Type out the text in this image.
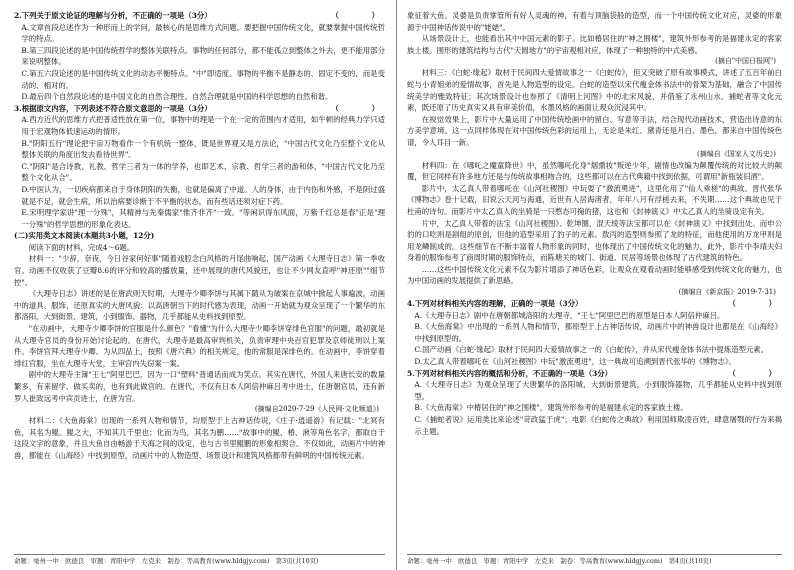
（　　）
2.下列关于原文论证的理解与分析，不正确的一项是（3分）
A.文章首段总述作为一种形而上的学问，最核心的是思维方式问题。要把握中国传统文化，就要掌握中国传统哲学的特点。
B.第三四段论述的是中国传统哲学的整体关联特点。事物的任何部分，都不能孤立到整体之外去，更不能用部分来说明整体。
C.第五六段论述的是中国传统文化的动态平衡特点。"中"即适度。事物的平衡不是静态的、固定不变的，而是变动的、相对的。
D.最后四个自然段论述的是中国文化的自然合理性。自然合理就是中国的科学思想的自然和谐。
（　　）
3.根据原文内容，下列表述不符合原文意思的一项是（3分）
A.西方近代的思维方式把普适性放在第一位，事物中的理是一个在一定的范围内才适用，如牛顿的经典力学只适用于宏观物体低速运动的情形。
B."阴阳五行"理论把宇宙万物看作一个有机统一整体，既是世界观又是方法论，"中国古代文化乃至整个文化从整体关联的角度出发去看待世界"。
C."阴阳"是合诗教、礼教、哲学三者为一体的学养，也即艺术、宗教、哲学三者的游和体，"中国古代文化乃至整个文化从合"。
D.中医认为，一切疾病都来自于身体阴阳的失衡，也就是偏离了中道。人的身体，由于内伤和外感，不是阴过盛就是不足，就会生病，所以治病要诊断于不平衡的状态，而有些话还须对症下药。
E.宋明理学家讲"理一分殊"，其精神与先秦儒家"惟齐非齐"一致。"等闲识得东风面，万紫千红总是春"正是"理一分殊"的哲学思想的形象化表达。
(二)实用类文本阅读(本题共3小题，12分)
阅读下面的材料，完成4～6题。
材料一："少辞，奈夜，今日谷家何好事"随着戏腔念白风格的月尾曲响起，国产动画《大理寺日志》第一季收官。动画不仅收获了豆瓣8.6的评分和较高的播放量，还中展现的唐代风貌还，也让不少网友直呼"神还原""细节控"。
《大理寺日志》讲述的是在唐武则天时期，大理寺少卿李饼与其属下随从为破案在京城中掀起人事遍波，动画中的道具、服饰，还原真实的大唐风貌：以高唐朝当下的时代感为表现，动画一开始就为观众呈现了一个繁华的东都洛阳。大到街景、建筑，小到服饰、器物，几乎都能从史料找到原型。
"在动画中，大理寺少卿李饼的官服是什么颜色？"看懂"为什么大理寺少卿李饼穿绯色官服"的问题，最初就是从大理寺官员的身份开始讨论起的。在唐代，大理寺是最高审判机关，负责审理中央百官犯罪及京师徒刑以上案件。李饼官拜大理寺少卿、为从四品上，按照《唐六典》的相关规定，他的常服是深绯色的。在动画中，李饼穿着绯红官服，坐在大理寺大堂，主审宫内失窃案一案。
剧中的大理寺主簿"王七"阿里巴巴，因为一口"塑料"普通话而成为笑点。其实在唐代，外国人来唐长安的数量繁多，有来留学、做买卖的，也有到此做官的。在唐代，不仅有日本人阿倍仲麻吕考中进士，任唐朝官员，还有新罗人崔致远考中宾贡进士，在唐为官。
(摘编自2020-7-29《人民网·文化频道》)
材料二：《大鱼海棠》出现的一系列人物和情节，均原型于上古神话传说，《庄子·逍遥游》有记载："北冥有鱼，其名为鲲。鲲之大，不知其几千里也；化而为鸟，其名为鹏……"故事中的鲲、椿、湫等角色名字，都取自于这段文字的意象，并且大鱼自由畅游于天海之间的设定，也与古书里鲲鹏的形象相契合。不仅如此，动画片中的神兽，都能在《山海经》中找到原型，动画片中的人物造型、场景设计和建筑风格都带有鲜明的中国传统元素。
命题：亳州一中　欧德良　审题：青阳中学　左克来　制卷：等高教育(www.hldgjy.com)　第3页(共10页)
象征着大鱼。灵婆是负责掌管所有好人灵魂的神，有着与顶脑袋般的造型，而一个中国传统文化对应，灵婆的形象源于中国神话传说中的"姥姥"。
从场景设计上，也能看出其中中国元素的影子。比如椿居住的"神之围楼"，建筑外形参考的是福建永定的客家族土楼。围形的建筑结构与古代"天圆地方"的宇宙观相对应，体现了一种独特的中式美感。
(摘自"中国日报网")
材料三：《白蛇·缘起》取材于民间四大爱情故事之一《白蛇传》，但又突破了原有故事模式，讲述了五百年前白蛇与小青姐弟的爱情故事，首先是人物造型的设定。白蛇的造型以宋代瘦金体书法中的骨架为基础，融合了中国传统美学的雅致特征；其次场景设计也参照了《清明上河图》中的北宋风貌，并借鉴了永州山水、捕蛇者等文化元素，既还原了历史真实又具有审美价值，水墨风格的画面让观众沉浸其中。
在视觉效果上，影片中大量运用了中国传统绘画中的留白、写意等手法，结合现代动画技术，营造出诗意的东方美学意境。这一点同样体现在对中国传统色彩的运用上，无论是朱红、黛青还是月白、墨色，都来自中国传统色谱，令人耳目一新。
(摘编自《国家人文历史》)
材料四：在《哪吒之魔童降世》中，虽然哪吒化身"烟熏妆"叛逆少年，剧情也改编为颠覆传统的对比较大的颠覆，但它同样有许多地方还是与传统故事相吻合的，这些都可以在古代典籍中找到依据，可谓用"新瓶装旧酒"。
影片中，太乙真人带着哪吒在《山河社稷图》中玩耍了"激流勇进"，这里化用了"仙人乘槎"的典故。晋代张华《博物志》卷十记载，旧说云天河与海通，近世有人居海渚者，年年八月有浮槎去来，不失期……这个典故也见于杜甫的诗句。而影片中太乙真人的坐骑是一只憨态可掬的猪，这也和《封神演义》中太乙真人的坐骑设定有关。
片中，太乙真人带着的法宝《山河社稷图》、乾坤圈、混天绫等法宝都可以在《封神演义》中找到出处。而申公豹的口吃则是剧组的原创，但他的造型采用了豹子的元素。敖丙的造型则参照了龙的特征，而他使用的万龙甲则是用龙鳞制成的。这些细节在不断丰富着人物形象的同时，也体现出了中国传统文化的魅力。此外，影片中李靖夫妇身着的服饰参考了商周时期的服饰特点，而陈塘关的城门、街道、民居等场景也体现了古代建筑的特色。
……这些中国传统文化元素不仅为影片增添了神话色彩，让观众在观看动画时能够感受到传统文化的魅力，也为中国动画的发展提供了新思路。
(摘编自《新京报》2019-7-31)
（　　）
4.下列对材料相关内容的理解，正确的一项是（3分）
A.《大理寺日志》剧中在唐朝都城洛阳的大理寺，"王七"阿里巴巴的原型是日本人阿倍仲麻吕。
B.《大鱼海棠》中出现的一系列人物和情节，都原型于上古神话传说，动画片中的神兽设计也都是在《山海经》中找到原型的。
C.国产动画《白蛇·缘起》取材于民间四大爱情故事之一的《白蛇传》，并从宋代瘦金体书法中提炼造型元素。
D.太乙真人带着哪吒在《山河社稷图》中玩"激流勇进"，这一典故可追溯到晋代张华的《博物志》。
（　　）
5.下列对材料相关内容的概括和分析，不正确的一项是（3分）
A.《大理寺日志》为观众呈现了大唐繁华的洛阳城，大到街景建筑，小到服饰器物，几乎都能从史料中找到原型。
B.《大鱼海棠》中椿居住的"神之围楼"，建筑外形参考的是福建永定的客家族土楼。
C.《捕蛇者说》运用类比来论述"苛政猛于虎"；电影《白蛇传之典故》利用国师欺凌百姓，肆意屠戮的行为来揭示主题。
命题：亳州一中　欧德良　审题：青阳中学　左克来　制卷：等高教育(www.hldgjy.com)　第4页(共10页)
